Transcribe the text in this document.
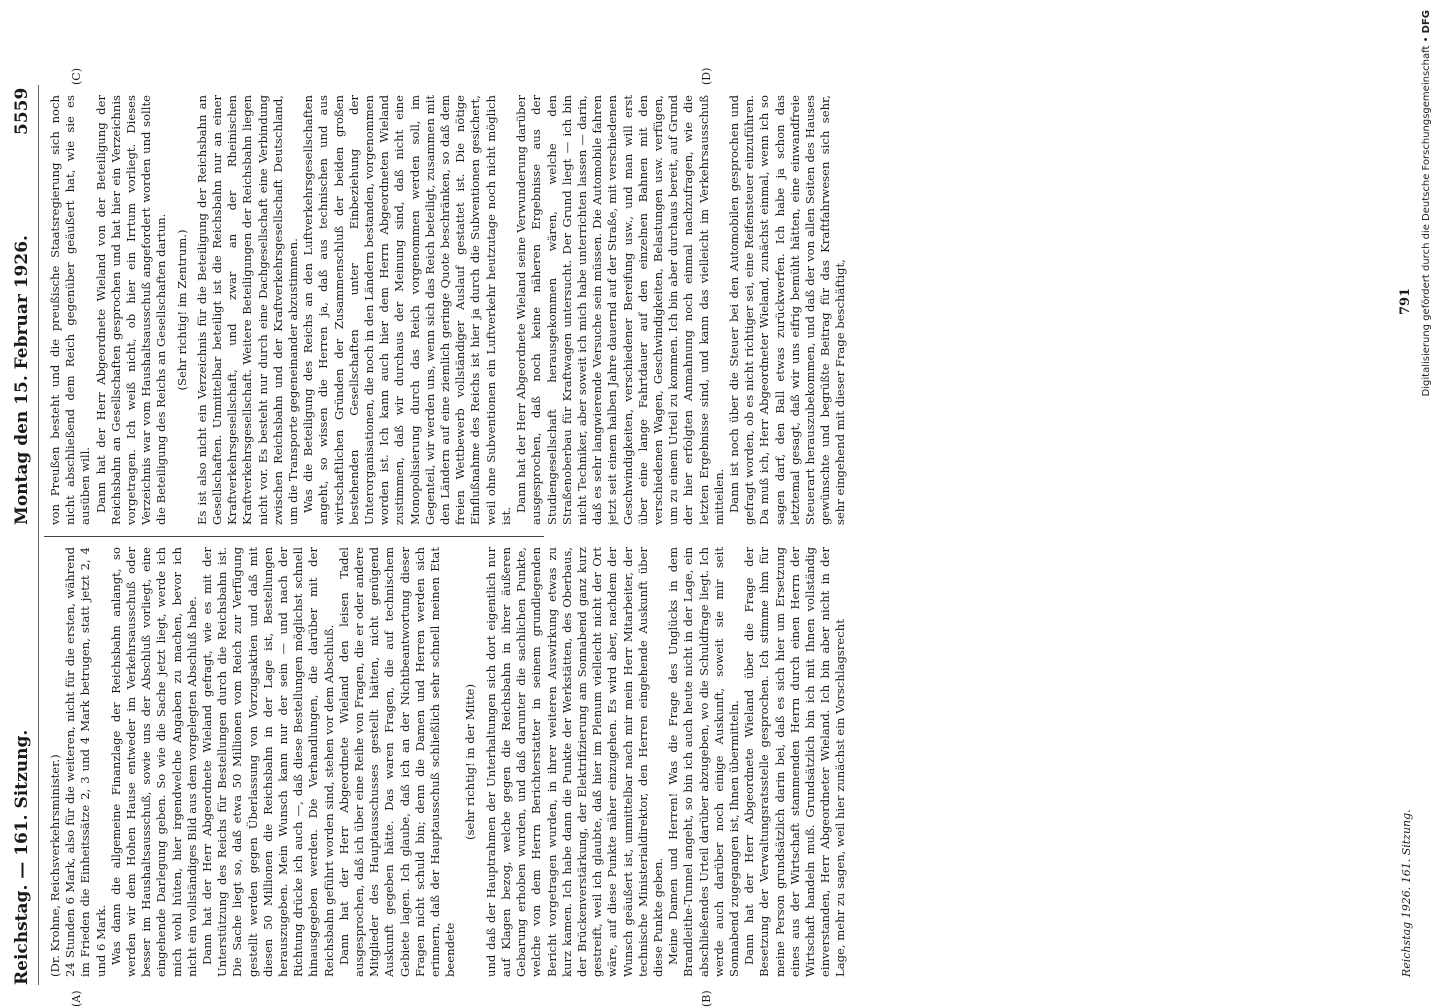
Reichstag. — 161. Sitzung.
Montag den 15. Februar 1926.
5559
(A)	(B)
(C)	(D)

(Dr. Krohne, Reichsverkehrsminister.) 24 Stunden 6 Mark, also für die weiteren, nicht für die ersten, während im Frieden die Einheitssätze 2, 3 und 4 Mark betrugen, statt jetzt 2, 4 und 6 Mark. Was dann die allgemeine Finanzlage der Reichsbahn anlangt, so werden wir dem Hohen Hause entweder im Verkehrsausschuß oder besser im Haushaltsausschuß, sowie uns der Abschluß vorliegt, eine eingehende Darlegung geben. So wie die Sache jetzt liegt, werde ich mich wohl hüten, hier irgendwelche Angaben zu machen, bevor ich nicht ein vollständiges Bild aus dem vorgelegten Abschluß habe. Dann hat der Herr Abgeordnete Wieland gefragt, wie es mit der Unterstützung des Reichs für Bestellungen durch die Reichsbahn ist. Die Sache liegt so, daß etwa 50 Millionen vom Reich zur Verfügung gestellt werden gegen Überlassung von Vorzugsaktien und daß mit diesen 50 Millionen die Reichsbahn in der Lage ist, Bestellungen herauszugeben. Mein Wunsch kann nur der sein — und nach der Richtung drücke ich auch —, daß diese Bestellungen möglichst schnell hinausgegeben werden. Die Verhandlungen, die darüber mit der Reichsbahn geführt worden sind, stehen vor dem Abschluß. Dann hat der Herr Abgeordnete Wieland den leisen Tadel ausgesprochen, daß ich über eine Reihe von Fragen, die er oder andere Mitglieder des Hauptausschusses gestellt hätten, nicht genügend Auskunft gegeben hätte. Das waren Fragen, die auf technischem Gebiete lagen. Ich glaube, daß ich an der Nichtbeantwortung dieser Fragen nicht schuld bin; denn die Damen und Herren werden sich erinnern, daß der Hauptausschuß schließlich sehr schnell meinen Etat beendete

(sehr richtig! in der Mitte) und daß der Hauptrahmen der Unterhaltungen sich dort eigentlich nur auf Klagen bezog, welche gegen die Reichsbahn in ihrer äußeren Gebarung erhoben wurden, und daß darunter die sachlichen Punkte, welche von dem Herrn Berichterstatter in seinem grundlegenden Bericht vorgetragen wurden, in ihrer weiteren Auswirkung etwas zu kurz kamen. Ich habe dann die Punkte der Werkstätten, des Oberbaus, der Brückenverstärkung, der Elektrifizierung am Sonnabend ganz kurz gestreift, weil ich glaubte, daß hier im Plenum vielleicht nicht der Ort wäre, auf diese Punkte näher einzugehen. Es wird aber, nachdem der Wunsch geäußert ist, unmittelbar nach mir mein Herr Mitarbeiter, der technische Ministerialdirektor, den Herren eingehende Auskunft über diese Punkte geben. Meine Damen und Herren! Was die Frage des Unglücks in dem Brandleithe-Tunnel angeht, so bin ich auch heute nicht in der Lage, ein abschließendes Urteil darüber abzugeben, wo die Schuldfrage liegt. Ich werde auch darüber noch einige Auskunft, soweit sie mir seit Sonnabend zugegangen ist, Ihnen übermitteln. Dann hat der Herr Abgeordnete Wieland über die Frage der Besetzung der Verwaltungsratsstelle gesprochen. Ich stimme ihm für meine Person grundsätzlich darin bei, daß es sich hier um Ersetzung eines aus der Wirtschaft stammenden Herrn durch einen Herrn der Wirtschaft handeln muß. Grundsätzlich bin ich mit Ihnen vollständig einverstanden, Herr Abgeordneter Wieland. Ich bin aber nicht in der Lage, mehr zu sagen, weil hier zunächst ein Vorschlagsrecht

von Preußen besteht und die preußische Staatsregierung sich noch nicht abschließend dem Reich gegenüber geäußert hat, wie sie es ausüben will. Dann hat der Herr Abgeordnete Wieland von der Beteiligung der Reichsbahn an Gesellschaften gesprochen und hat hier ein Verzeichnis vorgetragen. Ich weiß nicht, ob hier ein Irrtum vorliegt. Dieses Verzeichnis war vom Haushaltsausschuß angefordert worden und sollte die Beteiligung des Reichs an Gesellschaften dartun. (Sehr richtig! im Zentrum.) Es ist also nicht ein Verzeichnis für die Beteiligung der Reichsbahn an Gesellschaften. Unmittelbar beteiligt ist die Reichsbahn nur an einer Kraftverkehrsgesellschaft, und zwar an der Rheinischen Kraftverkehrsgesellschaft. Weitere Beteiligungen der Reichsbahn liegen nicht vor. Es besteht nur durch eine Dachgesellschaft eine Verbindung zwischen Reichsbahn und der Kraftverkehrsgesellschaft Deutschland, um die Transporte gegeneinander abzustimmen. Was die Beteiligung des Reichs an den Luftverkehrsgesellschaften angeht, so wissen die Herren ja, daß aus technischen und aus wirtschaftlichen Gründen der Zusammenschluß der beiden großen bestehenden Gesellschaften unter Einbeziehung der Unterorganisationen, die noch in den Ländern bestanden, vorgenommen worden ist. Ich kann auch hier dem Herrn Abgeordneten Wieland zustimmen, daß wir durchaus der Meinung sind, daß nicht eine Monopolisierung durch das Reich vorgenommen werden soll, im Gegenteil, wir werden uns, wenn sich das Reich beteiligt, zusammen mit den Ländern auf eine ziemlich geringe Quote beschränken, so daß dem freien Wettbewerb vollständiger Auslauf gestattet ist. Die nötige Einflußnahme des Reichs ist hier ja durch die Subventionen gesichert, weil ohne Subventionen ein Luftverkehr heutzutage noch nicht möglich ist.

Dann hat der Herr Abgeordnete Wieland seine Verwunderung darüber ausgesprochen, daß noch keine näheren Ergebnisse aus der Studiengesellschaft herausgekommen wären, welche den Straßenoberbau für Kraftwagen untersucht. Der Grund liegt — ich bin nicht Techniker, aber soweit ich mich habe unterrichten lassen — darin, daß es sehr langwierende Versuche sein müssen. Die Automobile fahren jetzt seit einem halben Jahre dauernd auf der Straße, mit verschiedenen Geschwindigkeiten, verschiedener Bereifung usw., und man will erst über eine lange Fahrtdauer auf den einzelnen Bahnen mit den verschiedenen Wagen, Geschwindigkeiten, Belastungen usw. verfügen, um zu einem Urteil zu kommen. Ich bin aber durchaus bereit, auf Grund der hier erfolgten Anmahnung noch einmal nachzufragen, wie die letzten Ergebnisse sind, und kann das vielleicht im Verkehrsausschuß mitteilen. Dann ist noch über die Steuer bei den Automobilen gesprochen und gefragt worden, ob es nicht richtiger sei, eine Reifensteuer einzuführen. Da muß ich, Herr Abgeordneter Wieland, zunächst einmal, wenn ich so sagen darf, den Ball etwas zurückwerfen. Ich habe ja schon das letztemal gesagt, daß wir uns eifrig bemüht hätten, eine einwandfreie Steuerart herauszubekommen, und daß der von allen Seiten des Hauses gewünschte und begrüßte Beitrag für das Kraftfahrwesen sich sehr, sehr eingehend mit dieser Frage beschäftigt,

Reichstag 1926. 161. Sitzung.
791 Digitalisierung gefördert durch die Deutsche Forschungsgemeinschaft • DFG
